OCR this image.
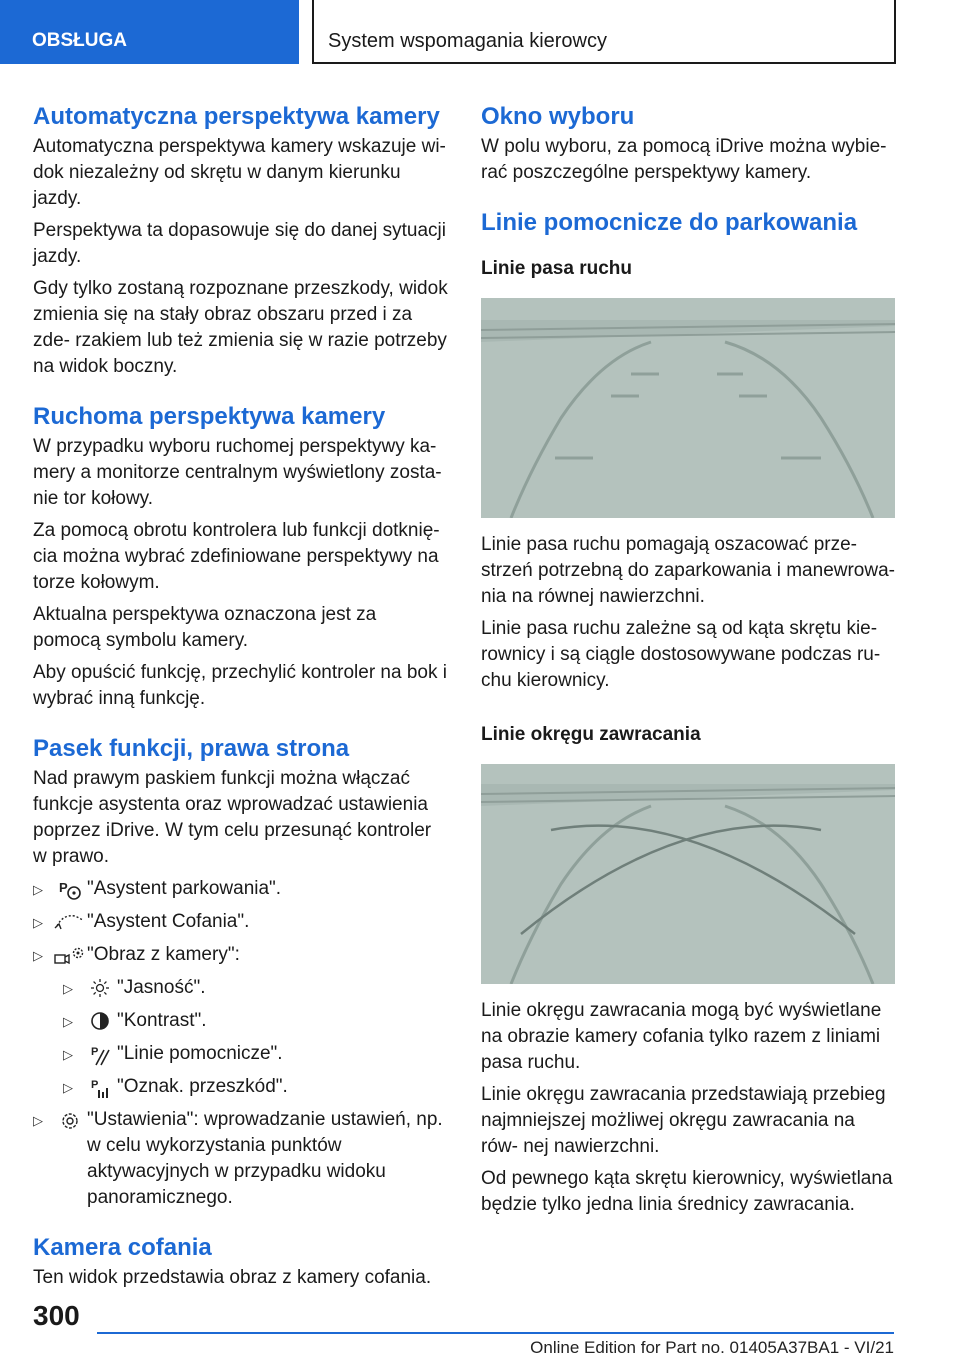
OBSŁUGA	System wspomagania kierowcy
Automatyczna perspektywa kamery

Automatyczna perspektywa kamery wskazuje wi‐ dok niezależny od skrętu w danym kierunku jazdy.

Perspektywa ta dopasowuje się do danej sytuacji jazdy.

Gdy tylko zostaną rozpoznane przeszkody, widok zmienia się na stały obraz obszaru przed i za zde‐ rzakiem lub też zmienia się w razie potrzeby na widok boczny.

Ruchoma perspektywa kamery

W przypadku wyboru ruchomej perspektywy ka‐ mery a monitorze centralnym wyświetlony zosta‐ nie tor kołowy.

Za pomocą obrotu kontrolera lub funkcji dotknię‐ cia można wybrać zdefiniowane perspektywy na torze kołowym.

Aktualna perspektywa oznaczona jest za pomocą symbolu kamery.

Aby opuścić funkcję, przechylić kontroler na bok i wybrać inną funkcję.

Pasek funkcji, prawa strona

Nad prawym paskiem funkcji można włączać funkcje asystenta oraz wprowadzać ustawienia poprzez iDrive. W tym celu przesunąć kontroler w prawo.

▷	P "Asystent parkowania".
▷	"Asystent Cofania".
▷	"Obraz z kamery":
▷	"Jasność".
▷	"Kontrast".
▷	P "Linie pomocnicze".
▷	P "Oznak. przeszkód".
▷	"Ustawienia": wprowadzanie ustawień, np. w celu wykorzystania punktów aktywacyjnych w przypadku widoku panoramicznego.
Kamera cofania

Ten widok przedstawia obraz z kamery cofania.

Okno wyboru

W polu wyboru, za pomocą iDrive można wybie‐ rać poszczególne perspektywy kamery.

Linie pomocnicze do parkowania
Linie pasa ruchu

Linie pasa ruchu pomagają oszacować prze‐ strzeń potrzebną do zaparkowania i manewrowa‐ nia na równej nawierzchni.

Linie pasa ruchu zależne są od kąta skrętu kie‐ rownicy i są ciągle dostosowywane podczas ru‐ chu kierownicy.

Linie okręgu zawracania

Linie okręgu zawracania mogą być wyświetlane na obrazie kamery cofania tylko razem z liniami pasa ruchu.

Linie okręgu zawracania przedstawiają przebieg najmniejszej możliwej okręgu zawracania na rów‐ nej nawierzchni.

Od pewnego kąta skrętu kierownicy, wyświetlana będzie tylko jedna linia średnicy zawracania.

300
Online Edition for Part no. 01405A37BA1 - VI/21
